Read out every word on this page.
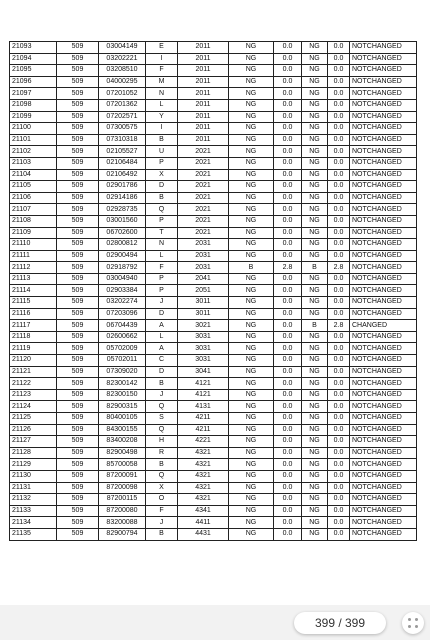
21093	509	03004149	E	2011	NG	0.0	NG	0.0	NOTCHANGED
21094	509	03202221	I	2011	NG	0.0	NG	0.0	NOTCHANGED
21095	509	03208510	F	2011	NG	0.0	NG	0.0	NOTCHANGED
21096	509	04000295	M	2011	NG	0.0	NG	0.0	NOTCHANGED
21097	509	07201052	N	2011	NG	0.0	NG	0.0	NOTCHANGED
21098	509	07201362	L	2011	NG	0.0	NG	0.0	NOTCHANGED
21099	509	07202571	Y	2011	NG	0.0	NG	0.0	NOTCHANGED
21100	509	07300575	I	2011	NG	0.0	NG	0.0	NOTCHANGED
21101	509	07310318	B	2011	NG	0.0	NG	0.0	NOTCHANGED
21102	509	02105527	U	2021	NG	0.0	NG	0.0	NOTCHANGED
21103	509	02106484	P	2021	NG	0.0	NG	0.0	NOTCHANGED
21104	509	02106492	X	2021	NG	0.0	NG	0.0	NOTCHANGED
21105	509	02901786	D	2021	NG	0.0	NG	0.0	NOTCHANGED
21106	509	02914186	B	2021	NG	0.0	NG	0.0	NOTCHANGED
21107	509	02928735	Q	2021	NG	0.0	NG	0.0	NOTCHANGED
21108	509	03001560	P	2021	NG	0.0	NG	0.0	NOTCHANGED
21109	509	06702600	T	2021	NG	0.0	NG	0.0	NOTCHANGED
21110	509	02800812	N	2031	NG	0.0	NG	0.0	NOTCHANGED
21111	509	02900494	L	2031	NG	0.0	NG	0.0	NOTCHANGED
21112	509	02918792	F	2031	B	2.8	B	2.8	NOTCHANGED
21113	509	03004940	P	2041	NG	0.0	NG	0.0	NOTCHANGED
21114	509	02903384	P	2051	NG	0.0	NG	0.0	NOTCHANGED
21115	509	03202274	J	3011	NG	0.0	NG	0.0	NOTCHANGED
21116	509	07203096	D	3011	NG	0.0	NG	0.0	NOTCHANGED
21117	509	06704439	A	3021	NG	0.0	B	2.8	CHANGED
21118	509	02600662	L	3031	NG	0.0	NG	0.0	NOTCHANGED
21119	509	05702009	A	3031	NG	0.0	NG	0.0	NOTCHANGED
21120	509	05702011	C	3031	NG	0.0	NG	0.0	NOTCHANGED
21121	509	07309020	D	3041	NG	0.0	NG	0.0	NOTCHANGED
21122	509	82300142	B	4121	NG	0.0	NG	0.0	NOTCHANGED
21123	509	82300150	J	4121	NG	0.0	NG	0.0	NOTCHANGED
21124	509	82900315	Q	4131	NG	0.0	NG	0.0	NOTCHANGED
21125	509	80400105	S	4211	NG	0.0	NG	0.0	NOTCHANGED
21126	509	84300155	Q	4211	NG	0.0	NG	0.0	NOTCHANGED
21127	509	83400208	H	4221	NG	0.0	NG	0.0	NOTCHANGED
21128	509	82900498	R	4321	NG	0.0	NG	0.0	NOTCHANGED
21129	509	85700058	B	4321	NG	0.0	NG	0.0	NOTCHANGED
21130	509	87200091	Q	4321	NG	0.0	NG	0.0	NOTCHANGED
21131	509	87200098	X	4321	NG	0.0	NG	0.0	NOTCHANGED
21132	509	87200115	O	4321	NG	0.0	NG	0.0	NOTCHANGED
21133	509	87200080	F	4341	NG	0.0	NG	0.0	NOTCHANGED
21134	509	83200088	J	4411	NG	0.0	NG	0.0	NOTCHANGED
21135	509	82900794	B	4431	NG	0.0	NG	0.0	NOTCHANGED
399 / 399
